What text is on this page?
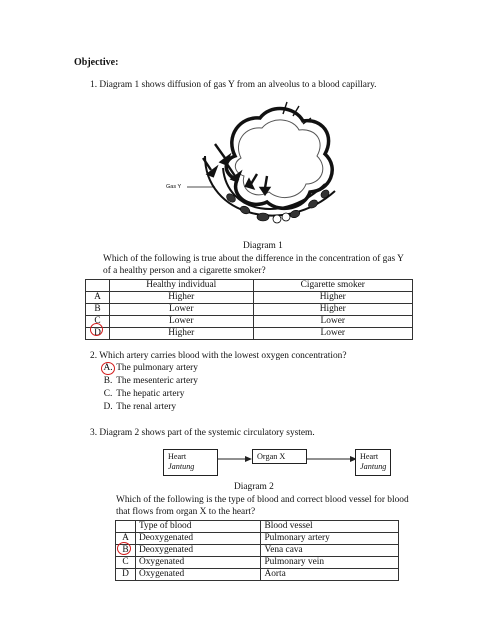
Objective:
1. Diagram 1 shows diffusion of gas Y from an alveolus to a blood capillary.
Gas Y
Diagram 1
Which of the following is true about the difference in the concentration of gas Y
of a healthy person and a cigarette smoker?
	Healthy individual	Cigarette smoker
A	Higher	Higher
B	Lower	Higher
C	Lower	Lower
D	Higher	Lower
2. Which artery carries blood with the lowest oxygen concentration?
A. The pulmonary artery
B. The mesenteric artery
C. The hepatic artery
D. The renal artery
3. Diagram 2 shows part of the systemic circulatory system.
Heart
Jantung
Organ X	Heart
Jantung
Diagram 2
Which of the following is the type of blood and correct blood vessel for blood
that flows from organ X to the heart?
	Type of blood	Blood vessel
A	Deoxygenated	Pulmonary artery
B	Deoxygenated	Vena cava
C	Oxygenated	Pulmonary vein
D	Oxygenated	Aorta
